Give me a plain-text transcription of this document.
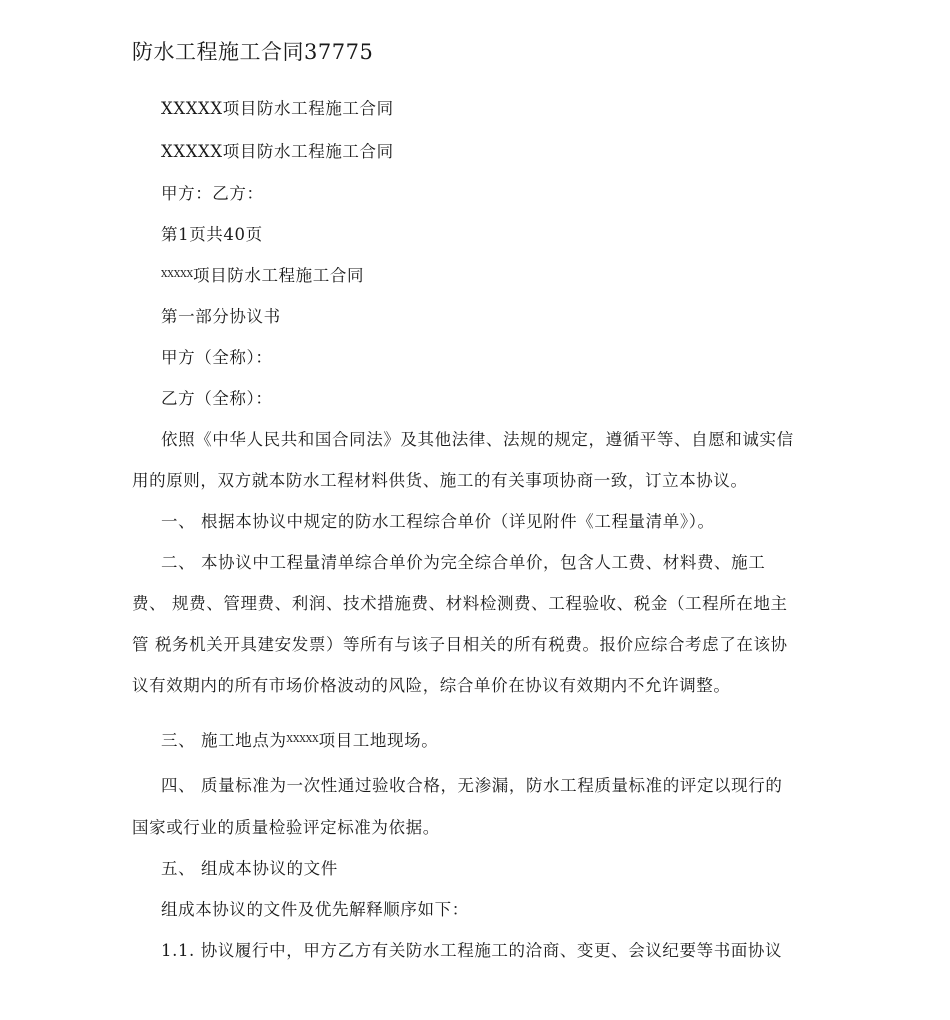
防水工程施工合同37775
XXXXX项目防水工程施工合同
XXXXX项目防水工程施工合同
甲方：乙方：
第1页共40页
$^{XXXXX}$项目防水工程施工合同
第一部分协议书
甲方（全称）：
乙方（全称）：
依照《中华人民共和国合同法》及其他法律、法规的规定，遵循平等、自愿和诚实信
用的原则，双方就本防水工程材料供货、施工的有关事项协商一致，订立本协议。
一、 根据本协议中规定的防水工程综合单价（详见附件《工程量清单》）。
二、 本协议中工程量清单综合单价为完全综合单价，包含人工费、材料费、施工
费、 规费、管理费、利润、技术措施费、材料检测费、工程验收、税金（工程所在地主
管 税务机关开具建安发票）等所有与该子目相关的所有税费。报价应综合考虑了在该协
议有效期内的所有市场价格波动的风险，综合单价在协议有效期内不允许调整。
三、 施工地点为$^{XXXXX}$项目工地现场。
四、 质量标准为一次性通过验收合格，无渗漏，防水工程质量标准的评定以现行的
国家或行业的质量检验评定标准为依据。
五、 组成本协议的文件
组成本协议的文件及优先解释顺序如下：
1.1. 协议履行中，甲方乙方有关防水工程施工的洽商、变更、会议纪要等书面协议
